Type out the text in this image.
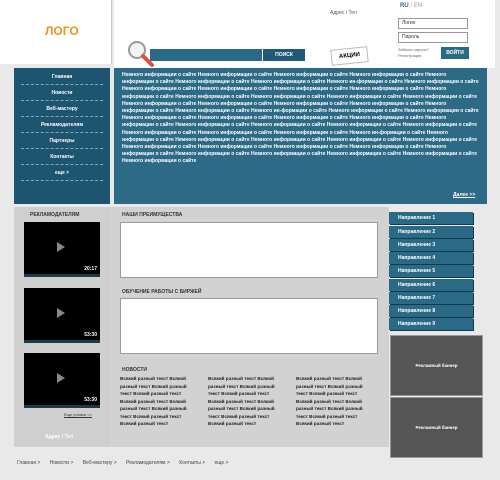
ЛОГО
ПОИСК
Адрес / Тел
RU / EN
Логин
Пароль
Забыли пароль?
Регистрация	ВОЙТИ
АКЦИИ
Главная
Новости
Веб-мастеру
Рекламодателям
Партнеры
Контакты
еще >
Немного информации о сайте Немного информации о сайте Немного информации о сайте Немного информации о сайте Немного информации о сайте Немного информации о сайте Немного информации о сайте Немного ин-формации о сайте Немного информации о сайте Немного информации о сайте Немного информации о сайте Немного информации о сайте Немного информации о сайте Немного информации о сайте Немного информации о сайте Немного информации о сайте Немного информации о сайте Немного информации о сайте Немного информации о сайте Немного информации о сайте Немного информации о сайте Немного информации о сайте Немного информации о сайте Немного информации о сайте Немного ин-формации о сайте Немного информации о сайте Немного информации о сайте Немного информации о сайте Немного информации о сайте Немного информации о сайте Немного информации о сайте Немного информации о сайте Немного информации о сайте Немного информации о сайте Немного информации о сайте Немного информации о сайте Немного информации о сайте Немного информации о сайте Немного информации о сайте Немного ин-формации о сайте Немного информации о сайте Немного информации о сайте Немного информации о сайте Немного информации о сайте Немного информации о сайте Немного информации о сайте Немного информации о сайте Немного информации о сайте Немного информации о сайте Немного информации о сайте Немного информации о сайте Немного информации о сайте Немного информации о сайте Немного информации о сайте Немного информации о сайте
Далее >>
РЕКЛАМОДАТЕЛЯМ
20:17
53:30
53:30
Еще ролики >>
Адрес / Тел
НАШИ ПРЕИМУЩЕСТВА
ОБУЧЕНИЕ РАБОТЫ С БИРЖЕЙ
НОВОСТИ
Всякий разный текст Всякий разный текст Всякий разный текст Всякий разный текст Всякий разный текст Всякий разный текст Всякий разный текст Всякий разный текст Всякий разный текст
Всякий разный текст Всякий разный текст Всякий разный текст Всякий разный текст Всякий разный текст Всякий разный текст Всякий разный текст Всякий разный текст Всякий разный текст
Всякий разный текст Всякий разный текст Всякий разный текст Всякий разный текст Всякий разный текст Всякий разный текст Всякий разный текст Всякий разный текст Всякий разный текст
Направление 1
Направление 2
Направление 3
Направление 4
Направление 5
Направление 6
Направление 7
Направление 8
Направление 9
Рекламный баннер
Рекламный баннер
Главная > Новости > Веб-мастеру > Рекламодателям > Контакты > еще >
